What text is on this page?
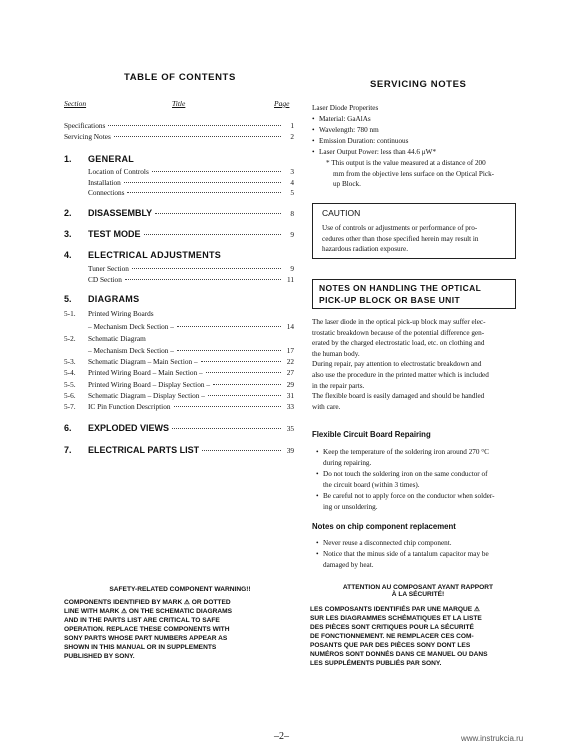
TABLE OF CONTENTS
Section	Title	Page
Specifications	1
Servicing Notes	2
1. GENERAL
Location of Controls	3
Installation	4
Connections	5
2. DISASSEMBLY	8
3. TEST MODE	9
4. ELECTRICAL ADJUSTMENTS
Tuner Section	9
CD Section	11
5. DIAGRAMS
5-1. Printed Wiring Boards
– Mechanism Deck Section –	14
5-2. Schematic Diagram
– Mechanism Deck Section –	17
5-3. Schematic Diagram – Main Section –	22
5-4. Printed Wiring Board – Main Section –	27
5-5. Printed Wiring Board – Display Section –	29
5-6. Schematic Diagram – Display Section –	31
5-7. IC Pin Function Description	33
6. EXPLODED VIEWS	35
7. ELECTRICAL PARTS LIST	39
SAFETY-RELATED COMPONENT WARNING!!
COMPONENTS IDENTIFIED BY MARK ⚠ OR DOTTED
LINE WITH MARK ⚠ ON THE SCHEMATIC DIAGRAMS
AND IN THE PARTS LIST ARE CRITICAL TO SAFE
OPERATION. REPLACE THESE COMPONENTS WITH
SONY PARTS WHOSE PART NUMBERS APPEAR AS
SHOWN IN THIS MANUAL OR IN SUPPLEMENTS
PUBLISHED BY SONY.
SERVICING NOTES
Laser Diode Properites
• Material: GaAlAs
• Wavelength: 780 nm
• Emission Duration: continuous
• Laser Output Power: less than 44.6 μW*
* This output is the value measured at a distance of 200
mm from the objective lens surface on the Optical Pick-
up Block.
CAUTION
Use of controls or adjustments or performance of pro-
cedures other than those specified herein may result in
hazardous radiation exposure.
NOTES ON HANDLING THE OPTICAL
PICK-UP BLOCK OR BASE UNIT
The laser diode in the optical pick-up block may suffer elec-
trostatic breakdown because of the potential difference gen-
erated by the charged electrostatic load, etc. on clothing and
the human body.
During repair, pay attention to electrostatic breakdown and
also use the procedure in the printed matter which is included
in the repair parts.
The flexible board is easily damaged and should be handled
with care.
Flexible Circuit Board Repairing
• Keep the temperature of the soldering iron around 270 °C
during repairing.
• Do not touch the soldering iron on the same conductor of
the circuit board (within 3 times).
• Be careful not to apply force on the conductor when solder-
ing or unsoldering.
Notes on chip component replacement
• Never reuse a disconnected chip component.
• Notice that the minus side of a tantalum capacitor may be
damaged by heat.
ATTENTION AU COMPOSANT AYANT RAPPORT
À LA SÉCURITÉ!
LES COMPOSANTS IDENTIFIÉS PAR UNE MARQUE ⚠
SUR LES DIAGRAMMES SCHÉMATIQUES ET LA LISTE
DES PIÈCES SONT CRITIQUES POUR LA SÉCURITÉ
DE FONCTIONNEMENT. NE REMPLACER CES COM-
POSANTS QUE PAR DES PIÈCES SONY DONT LES
NUMÉROS SONT DONNÉS DANS CE MANUEL OU DANS
LES SUPPLÉMENTS PUBLIÉS PAR SONY.
–2–	www.instrukcia.ru
